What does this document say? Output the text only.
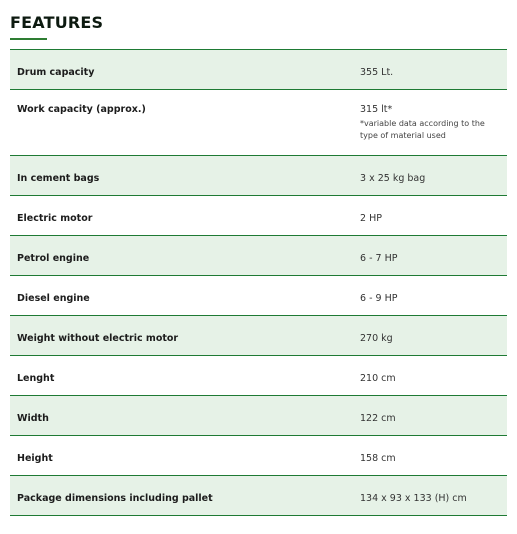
FEATURES
Drum capacity	355 Lt.
Work capacity (approx.)	315 lt*
*variable data according to the type of material used
In cement bags	3 x 25 kg bag
Electric motor	2 HP
Petrol engine	6 - 7 HP
Diesel engine	6 - 9 HP
Weight without electric motor	270 kg
Lenght	210 cm
Width	122 cm
Height	158 cm
Package dimensions including pallet	134 x 93 x 133 (H) cm
